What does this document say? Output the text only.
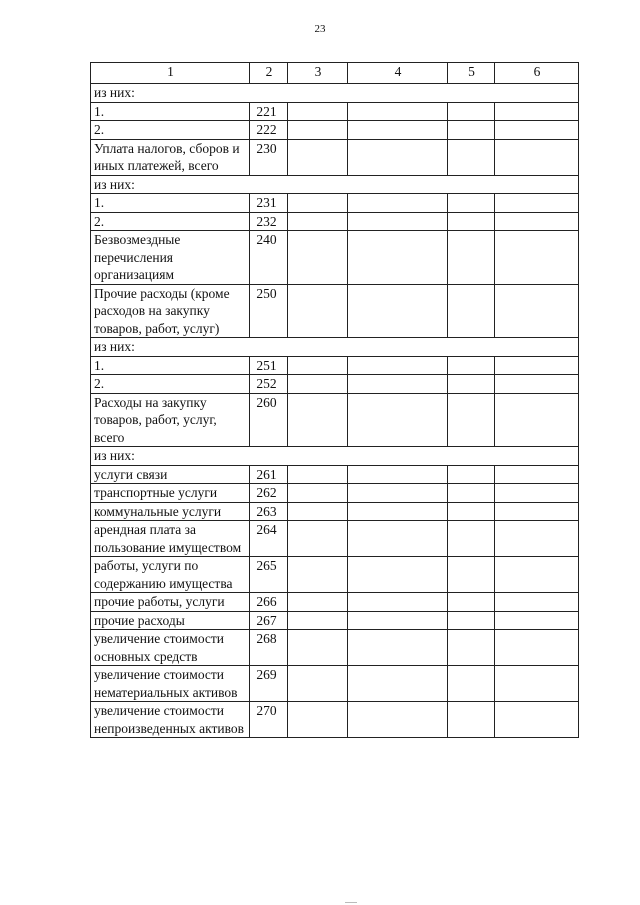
23
1	2	3	4	5	6
из них:					
1.	221				
2.	222				
Уплата налогов, сборов и иных платежей, всего	230				
из них:					
1.	231				
2.	232				
Безвозмездные перечисления организациям	240				
Прочие расходы (кроме расходов на закупку товаров, работ, услуг)	250				
из них:					
1.	251				
2.	252				
Расходы на закупку товаров, работ, услуг, всего	260				
из них:					
услуги связи	261				
транспортные услуги	262				
коммунальные услуги	263				
арендная плата за пользование имуществом	264				
работы, услуги по содержанию имущества	265				
прочие работы, услуги	266				
прочие расходы	267				
увеличение стоимости основных средств	268				
увеличение стоимости нематериальных активов	269				
увеличение стоимости непроизведенных активов	270				
